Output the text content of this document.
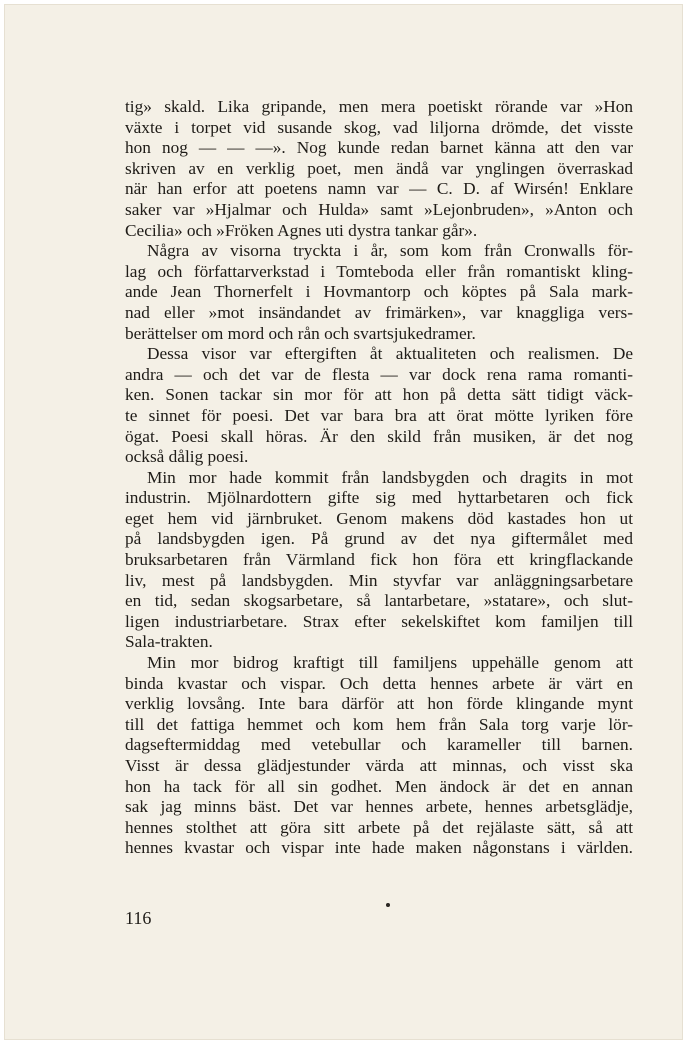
tig» skald. Lika gripande, men mera poetiskt rörande var »Hon
växte i torpet vid susande skog, vad liljorna drömde, det visste
hon nog — — —». Nog kunde redan barnet känna att den var
skriven av en verklig poet, men ändå var ynglingen överraskad
när han erfor att poetens namn var — C. D. af Wirsén! Enklare
saker var »Hjalmar och Hulda» samt »Lejonbruden», »Anton och
Cecilia» och »Fröken Agnes uti dystra tankar går».
Några av visorna tryckta i år, som kom från Cronwalls för-
lag och författarverkstad i Tomteboda eller från romantiskt kling-
ande Jean Thornerfelt i Hovmantorp och köptes på Sala mark-
nad eller »mot insändandet av frimärken», var knaggliga vers-
berättelser om mord och rån och svartsjukedramer.
Dessa visor var eftergiften åt aktualiteten och realismen. De
andra — och det var de flesta — var dock rena rama romanti-
ken. Sonen tackar sin mor för att hon på detta sätt tidigt väck-
te sinnet för poesi. Det var bara bra att örat mötte lyriken före
ögat. Poesi skall höras. Är den skild från musiken, är det nog
också dålig poesi.
Min mor hade kommit från landsbygden och dragits in mot
industrin. Mjölnardottern gifte sig med hyttarbetaren och fick
eget hem vid järnbruket. Genom makens död kastades hon ut
på landsbygden igen. På grund av det nya giftermålet med
bruksarbetaren från Värmland fick hon föra ett kringflackande
liv, mest på landsbygden. Min styvfar var anläggningsarbetare
en tid, sedan skogsarbetare, så lantarbetare, »statare», och slut-
ligen industriarbetare. Strax efter sekelskiftet kom familjen till
Sala-trakten.
Min mor bidrog kraftigt till familjens uppehälle genom att
binda kvastar och vispar. Och detta hennes arbete är värt en
verklig lovsång. Inte bara därför att hon förde klingande mynt
till det fattiga hemmet och kom hem från Sala torg varje lör-
dagseftermiddag med vetebullar och karameller till barnen.
Visst är dessa glädjestunder värda att minnas, och visst ska
hon ha tack för all sin godhet. Men ändock är det en annan
sak jag minns bäst. Det var hennes arbete, hennes arbetsglädje,
hennes stolthet att göra sitt arbete på det rejälaste sätt, så att
hennes kvastar och vispar inte hade maken någonstans i världen.
116
